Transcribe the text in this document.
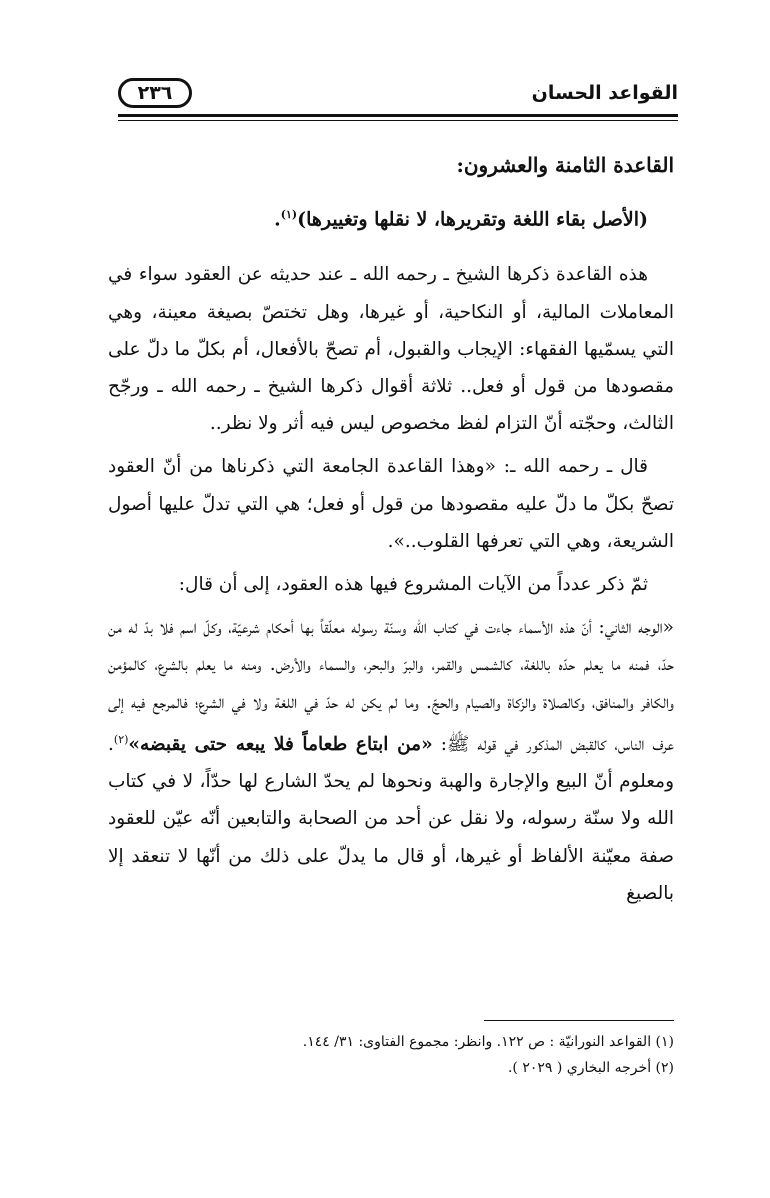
القواعد الحسان
٢٣٦

القاعدة الثامنة والعشرون:

(الأصل بقاء اللغة وتقريرها، لا نقلها وتغييرها)$^{(١)}$.

هذه القاعدة ذكرها الشيخ ـ رحمه الله ـ عند حديثه عن العقود سواء في المعاملات المالية، أو النكاحية، أو غيرها، وهل تختصّ بصيغة معينة، وهي التي يسمّيها الفقهاء: الإيجاب والقبول، أم تصحّ بالأفعال، أم بكلّ ما دلّ على مقصودها من قول أو فعل.. ثلاثة أقوال ذكرها الشيخ ـ رحمه الله ـ ورجّح الثالث، وحجّته أنّ التزام لفظ مخصوص ليس فيه أثر ولا نظر..

قال ـ رحمه الله ـ: «وهذا القاعدة الجامعة التي ذكرناها من أنّ العقود تصحّ بكلّ ما دلّ عليه مقصودها من قول أو فعل؛ هي التي تدلّ عليها أصول الشريعة، وهي التي تعرفها القلوب..».

ثمّ ذكر عدداً من الآيات المشروع فيها هذه العقود، إلى أن قال:

«الوجه الثاني: أنّ هذه الأسماء جاءت في كتاب الله وسنّة رسوله معلّقاً بها أحكام شرعيّة، وكلّ اسم فلا بدّ له من حدّ، فمنه ما يعلم حدّه باللغة، كالشمس والقمر، والبرّ والبحر، والسماء والأرض. ومنه ما يعلم بالشرع، كالمؤمن والكافر والمنافق، وكالصلاة والزكاة والصيام والحجّ. وما لم يكن له حدّ في اللغة ولا في الشرع؛ فالمرجع فيه إلى عرف الناس، كالقبض المذكور في قوله ﷺ: «من ابتاع طعاماً فلا يبعه حتى يقبضه»$^{(٢)}$. ومعلوم أنّ البيع والإجارة والهبة ونحوها لم يحدّ الشارع لها حدّاً، لا في كتاب الله ولا سنّة رسوله، ولا نقل عن أحد من الصحابة والتابعين أنّه عيّن للعقود صفة معيّنة الألفاظ أو غيرها، أو قال ما يدلّ على ذلك من أنّها لا تنعقد إلا بالصيغ

(١) القواعد النورانيّة : ص ١٢٢. وانظر: مجموع الفتاوى: ٣١/ ١٤٤.

(٢) أخرجه البخاري ( ٢٠٢٩ ).
